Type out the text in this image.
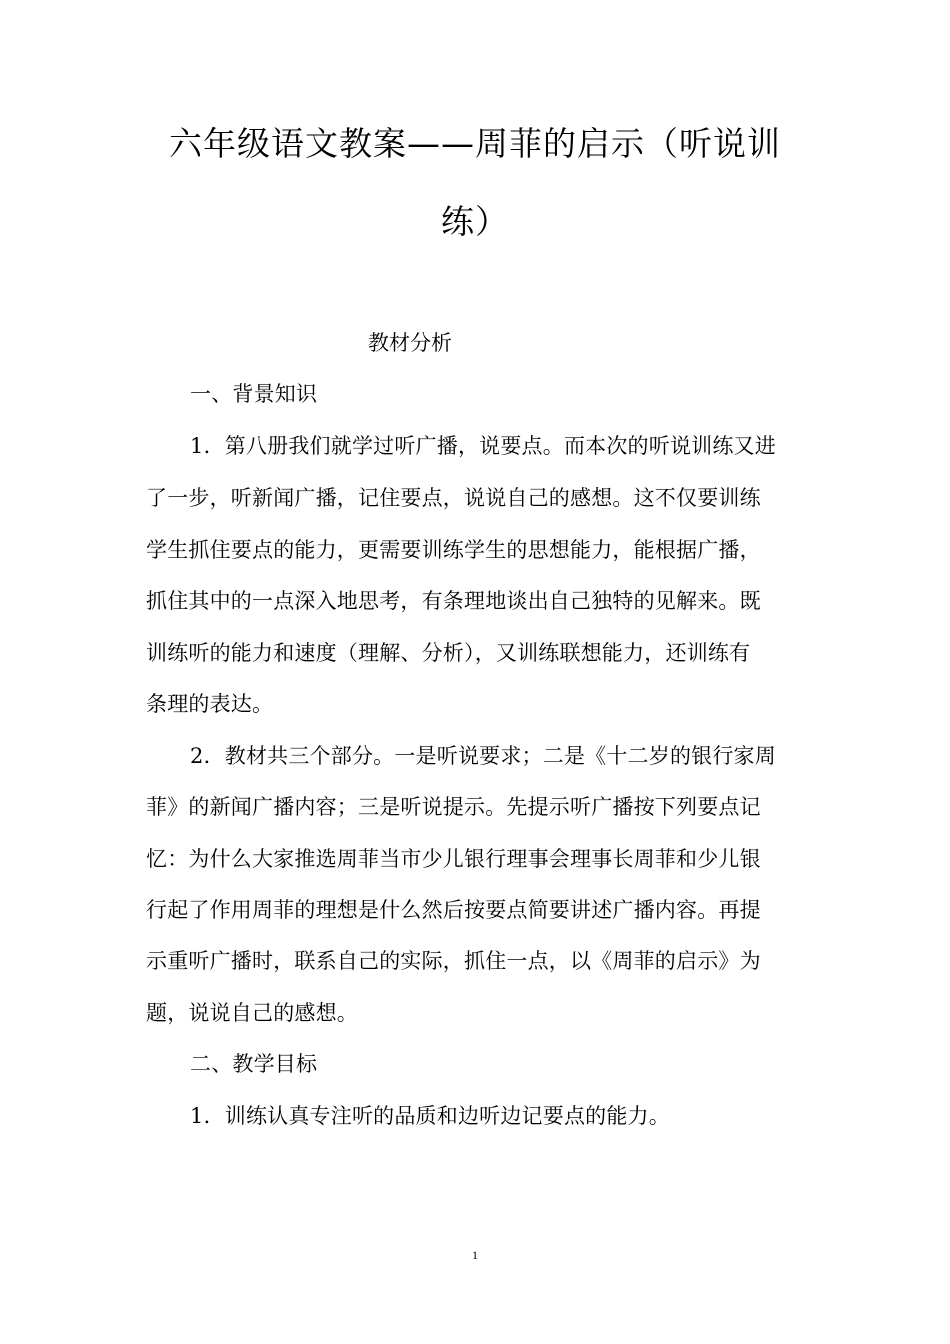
六年级语文教案——周菲的启示（听说训
练）
教材分析
一、背景知识
1．第八册我们就学过听广播，说要点。而本次的听说训练又进
了一步，听新闻广播，记住要点，说说自己的感想。这不仅要训练
学生抓住要点的能力，更需要训练学生的思想能力，能根据广播，
抓住其中的一点深入地思考，有条理地谈出自己独特的见解来。既
训练听的能力和速度（理解、分析），又训练联想能力，还训练有
条理的表达。
2．教材共三个部分。一是听说要求；二是《十二岁的银行家周
菲》的新闻广播内容；三是听说提示。先提示听广播按下列要点记
忆：为什么大家推选周菲当市少儿银行理事会理事长周菲和少儿银
行起了作用周菲的理想是什么然后按要点简要讲述广播内容。再提
示重听广播时，联系自己的实际，抓住一点，以《周菲的启示》为
题，说说自己的感想。
二、教学目标
1．训练认真专注听的品质和边听边记要点的能力。
1
